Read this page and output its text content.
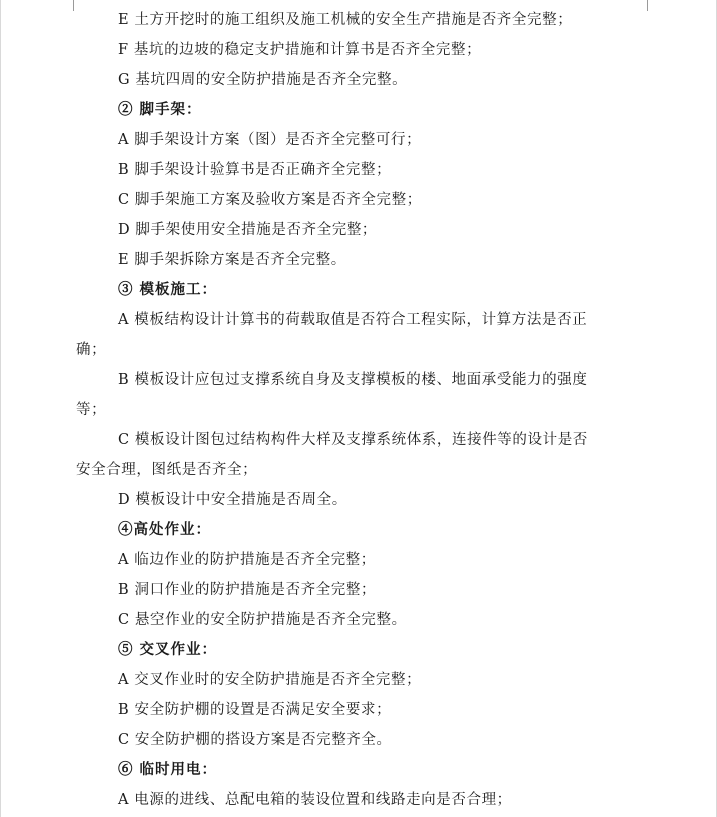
E 土方开挖时的施工组织及施工机械的安全生产措施是否齐全完整；
F 基坑的边坡的稳定支护措施和计算书是否齐全完整；
G 基坑四周的安全防护措施是否齐全完整。
② 脚手架：
A 脚手架设计方案（图）是否齐全完整可行；
B 脚手架设计验算书是否正确齐全完整；
C 脚手架施工方案及验收方案是否齐全完整；
D 脚手架使用安全措施是否齐全完整；
E 脚手架拆除方案是否齐全完整。
③ 模板施工：
A 模板结构设计计算书的荷载取值是否符合工程实际，计算方法是否正
确；
B 模板设计应包过支撑系统自身及支撑模板的楼、地面承受能力的强度
等；
C 模板设计图包过结构构件大样及支撑系统体系，连接件等的设计是否
安全合理，图纸是否齐全；
D 模板设计中安全措施是否周全。
④高处作业：
A 临边作业的防护措施是否齐全完整；
B 洞口作业的防护措施是否齐全完整；
C 悬空作业的安全防护措施是否齐全完整。
⑤ 交叉作业：
A 交叉作业时的安全防护措施是否齐全完整；
B 安全防护棚的设置是否满足安全要求；
C 安全防护棚的搭设方案是否完整齐全。
⑥ 临时用电：
A 电源的进线、总配电箱的装设位置和线路走向是否合理；
